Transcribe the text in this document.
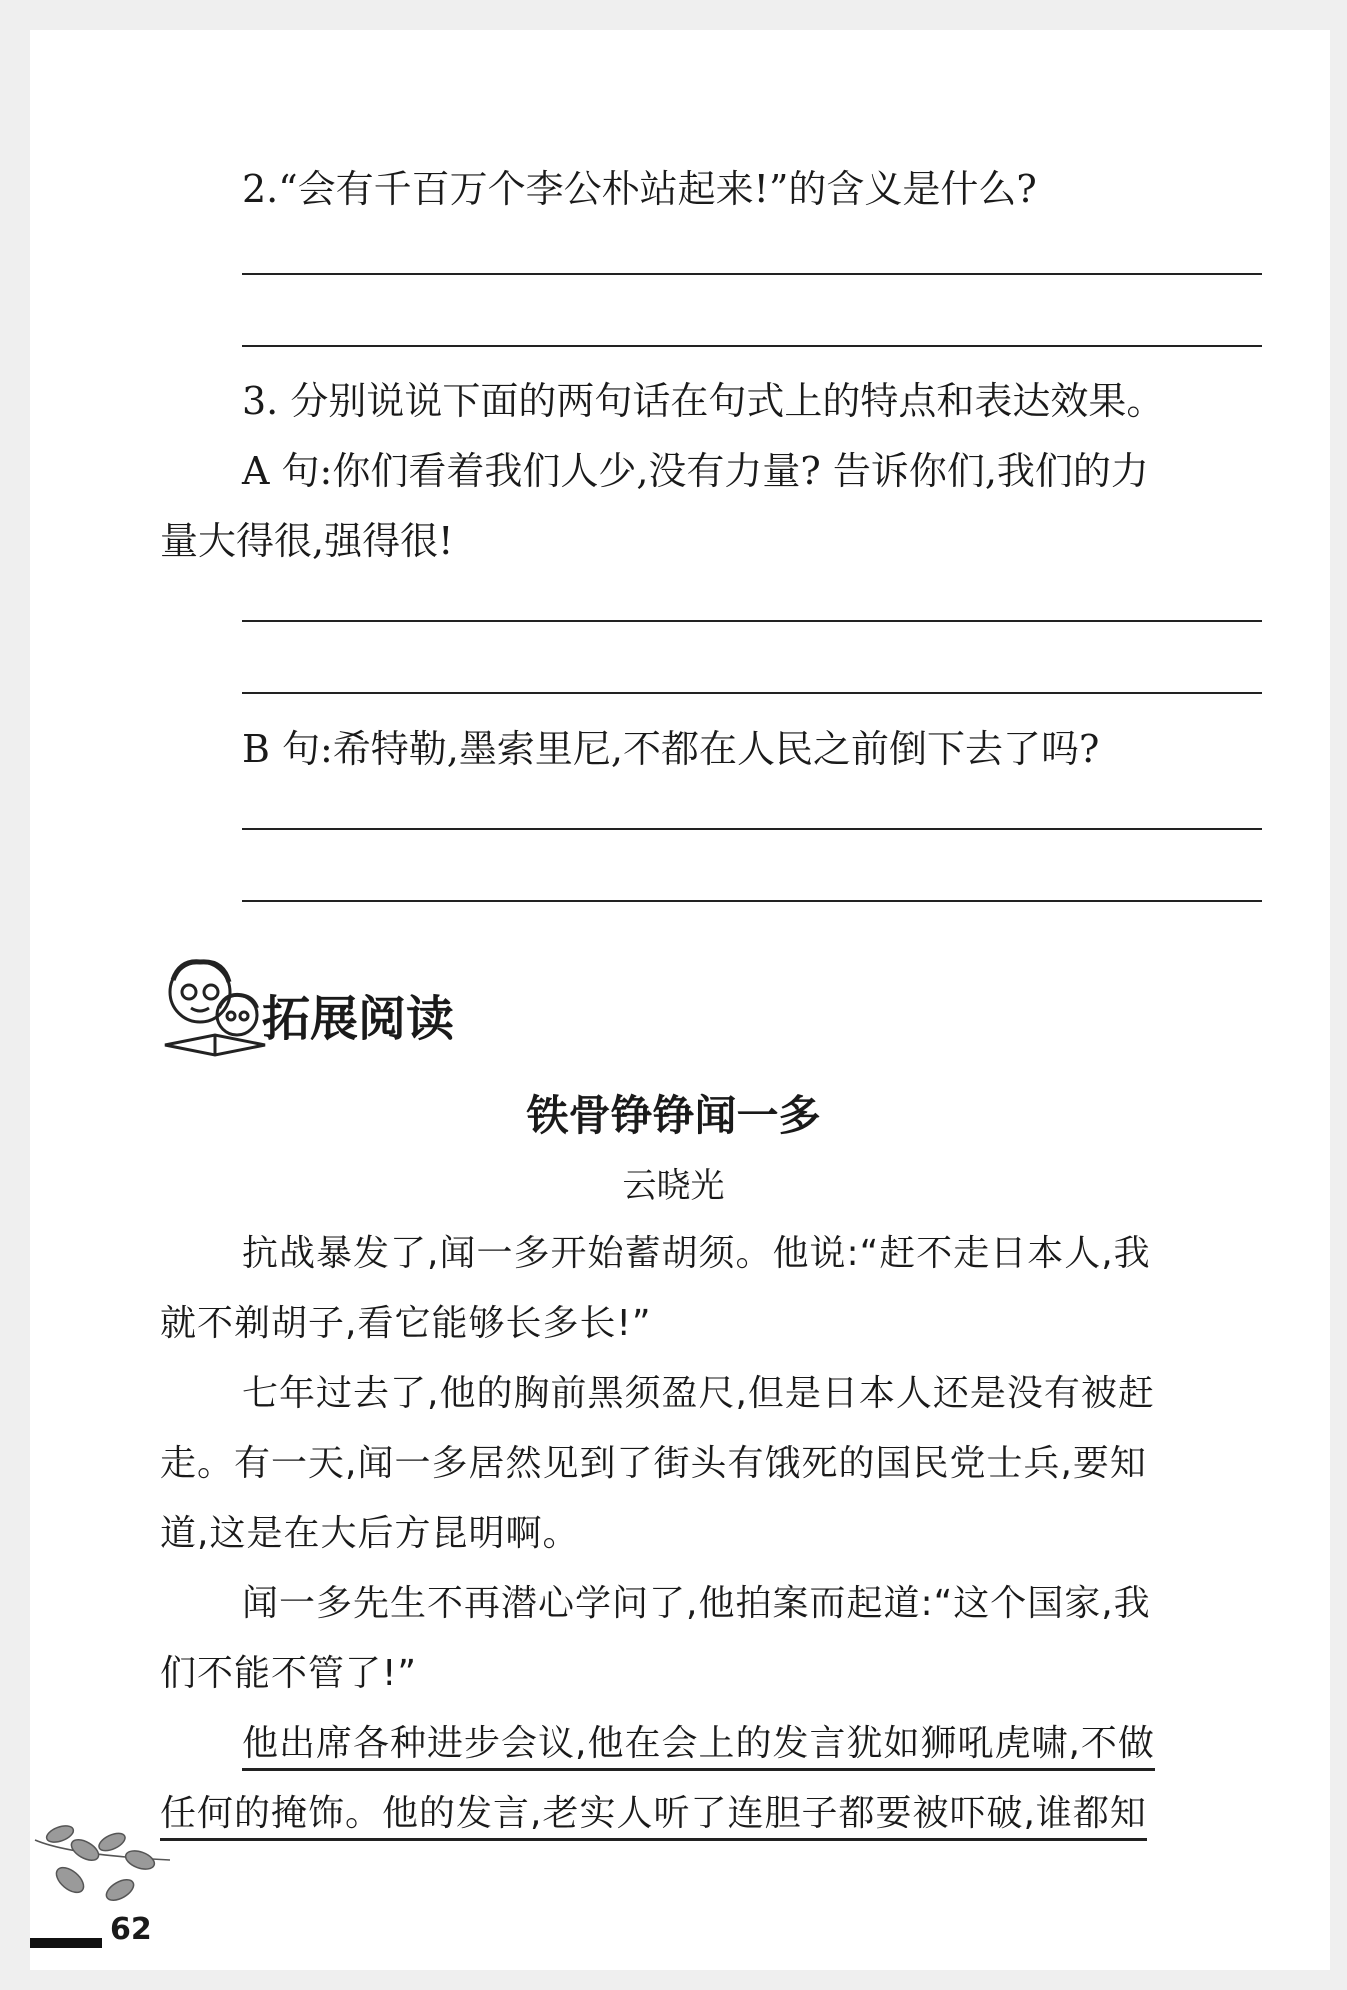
2.“会有千百万个李公朴站起来!”的含义是什么?
3. 分别说说下面的两句话在句式上的特点和表达效果。
A 句:你们看着我们人少,没有力量? 告诉你们,我们的力
量大得很,强得很!
B 句:希特勒,墨索里尼,不都在人民之前倒下去了吗?
拓展阅读
铁骨铮铮闻一多
云晓光
抗战暴发了,闻一多开始蓄胡须。他说:“赶不走日本人,我
就不剃胡子,看它能够长多长!”
七年过去了,他的胸前黑须盈尺,但是日本人还是没有被赶
走。有一天,闻一多居然见到了街头有饿死的国民党士兵,要知
道,这是在大后方昆明啊。
闻一多先生不再潜心学问了,他拍案而起道:“这个国家,我
们不能不管了!”
他出席各种进步会议,他在会上的发言犹如狮吼虎啸,不做
任何的掩饰。他的发言,老实人听了连胆子都要被吓破,谁都知
62
